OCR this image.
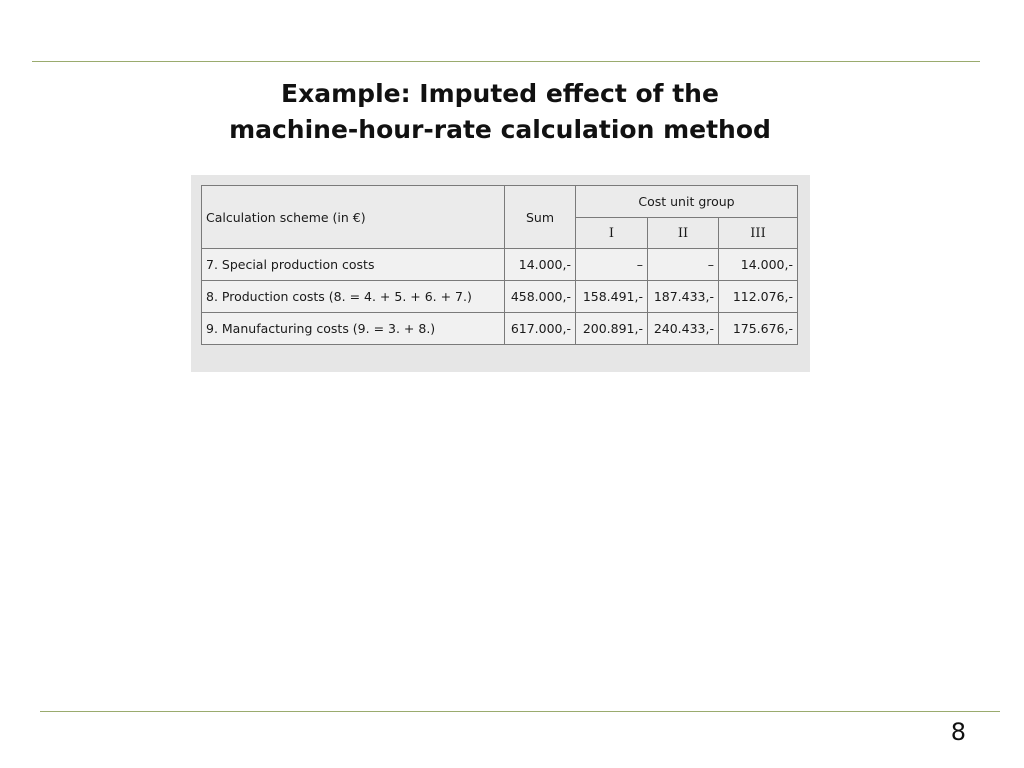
Example: Imputed effect of the
machine-hour-rate calculation method
Calculation scheme (in €)	Sum	Cost unit group		
		I	II	III
7. Special production costs	14.000,-	–	–	14.000,-
8. Production costs (8. = 4. + 5. + 6. + 7.)	458.000,-	158.491,-	187.433,-	112.076,-
9. Manufacturing costs (9. = 3. + 8.)	617.000,-	200.891,-	240.433,-	175.676,-
8
